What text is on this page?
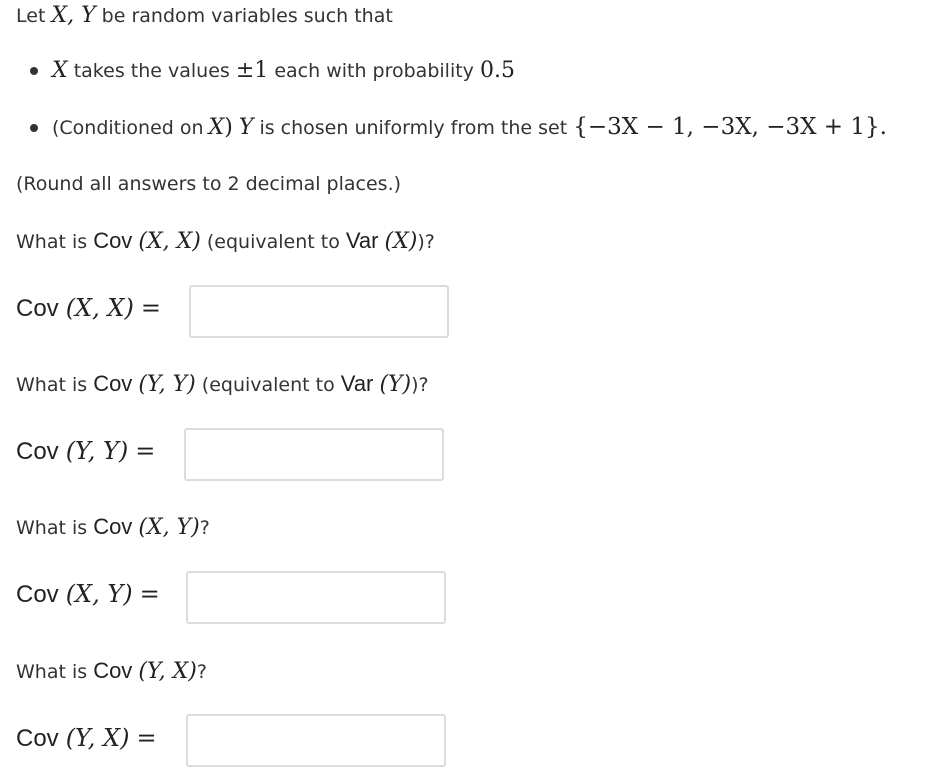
Let X, Y be random variables such that
X takes the values ±1 each with probability 0.5
(Conditioned on X) Y is chosen uniformly from the set {−3X − 1, −3X, −3X + 1}.
(Round all answers to 2 decimal places.)
What is Cov (X, X) (equivalent to Var (X))?
Cov (X, X) =
What is Cov (Y, Y) (equivalent to Var (Y))?
Cov (Y, Y) =
What is Cov (X, Y)?
Cov (X, Y) =
What is Cov (Y, X)?
Cov (Y, X) =
